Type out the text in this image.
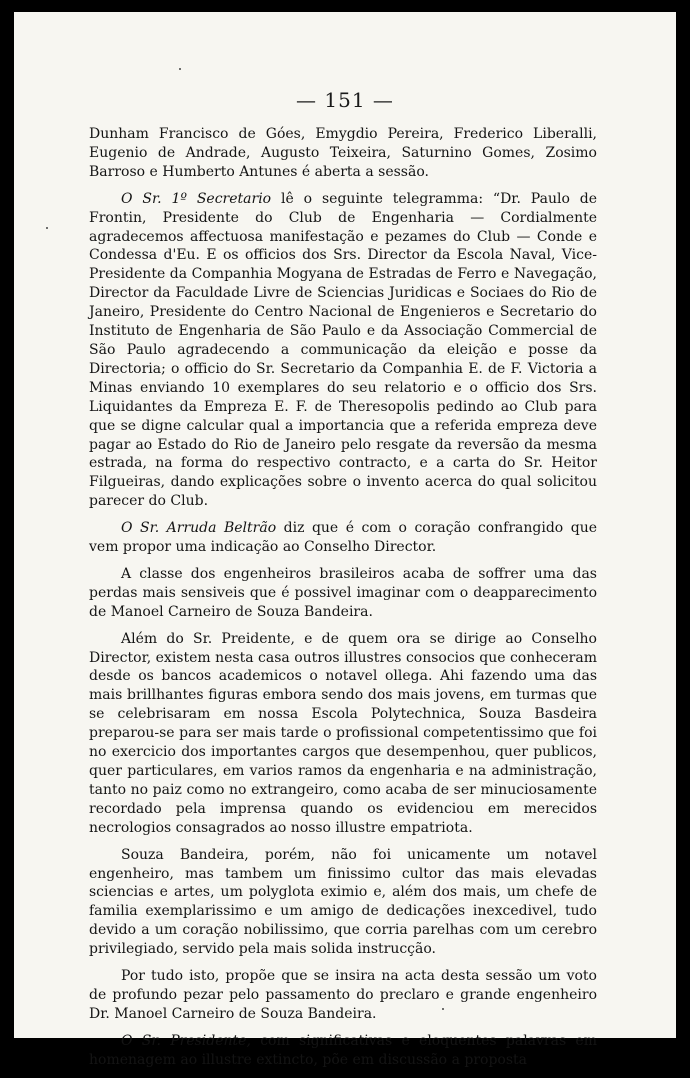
— 151 —

Dunham Francisco de Góes, Emygdio Pereira, Frederico Liberalli, Eugenio de Andrade, Augusto Teixeira, Saturnino Gomes, Zosimo Barroso e Humberto Antunes é aberta a sessão.

O Sr. 1º Secretario lê o seguinte telegramma: “Dr. Paulo de Frontin, Presidente do Club de Engenharia — Cordialmente agradecemos affectuosa manifestação e pezames do Club — Conde e Condessa d'Eu. E os officios dos Srs. Director da Escola Naval, Vice-Presidente da Companhia Mogyana de Estradas de Ferro e Navegação, Director da Faculdade Livre de Sciencias Juridicas e Sociaes do Rio de Janeiro, Presidente do Centro Nacional de Engenieros e Secretario do Instituto de Engenharia de São Paulo e da Associação Commercial de São Paulo agradecendo a communicação da eleição e posse da Directoria; o officio do Sr. Secretario da Companhia E. de F. Victoria a Minas enviando 10 exemplares do seu relatorio e o officio dos Srs. Liquidantes da Empreza E. F. de Theresopolis pedindo ao Club para que se digne calcular qual a importancia que a referida empreza deve pagar ao Estado do Rio de Janeiro pelo resgate da reversão da mesma estrada, na forma do respectivo contracto, e a carta do Sr. Heitor Filgueiras, dando explicações sobre o invento acerca do qual solicitou parecer do Club.

O Sr. Arruda Beltrão diz que é com o coração confrangido que vem propor uma indicação ao Conselho Director.

A classe dos engenheiros brasileiros acaba de soffrer uma das perdas mais sensiveis que é possivel imaginar com o deapparecimento de Manoel Carneiro de Souza Bandeira.

Além do Sr. Preidente, e de quem ora se dirige ao Conselho Director, existem nesta casa outros illustres consocios que conheceram desde os bancos academicos o notavel ollega. Ahi fazendo uma das mais brillhantes figuras embora sendo dos mais jovens, em turmas que se celebrisaram em nossa Escola Polytechnica, Souza Basdeira preparou-se para ser mais tarde o profissional competentissimo que foi no exercicio dos importantes cargos que desempenhou, quer publicos, quer particulares, em varios ramos da engenharia e na administração, tanto no paiz como no extrangeiro, como acaba de ser minuciosamente recordado pela imprensa quando os evidenciou em merecidos necrologios consagrados ao nosso illustre empatriota.

Souza Bandeira, porém, não foi unicamente um notavel engenheiro, mas tambem um finissimo cultor das mais elevadas sciencias e artes, um polyglota eximio e, além dos mais, um chefe de familia exemplarissimo e um amigo de dedicações inexcedivel, tudo devido a um coração nobilissimo, que corria parelhas com um cerebro privilegiado, servido pela mais solida instrucção.

Por tudo isto, propõe que se insira na acta desta sessão um voto de profundo pezar pelo passamento do preclaro e grande engenheiro Dr. Manoel Carneiro de Souza Bandeira.

O Sr. Presidente, com significativas e eloquentes palavras em homenagem ao illustre extincto, põe em discussão a proposta
